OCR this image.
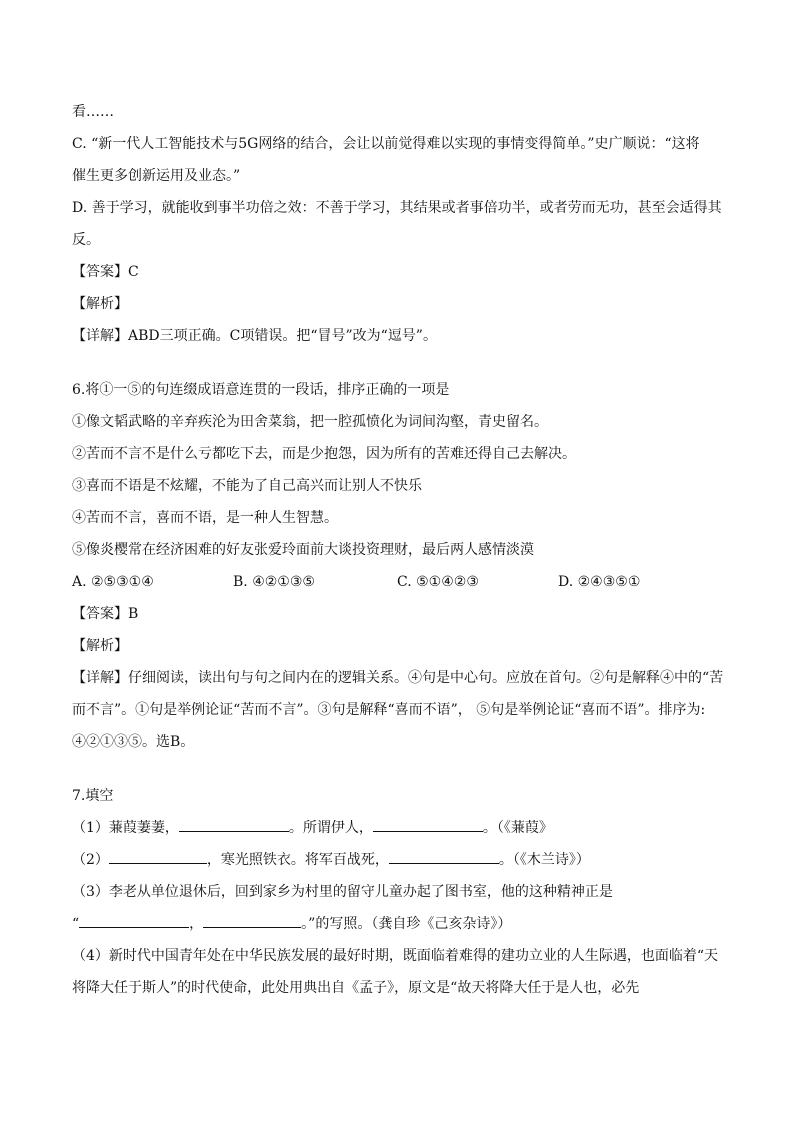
看……
C. “新一代人工智能技术与5G网络的结合，会让以前觉得难以实现的事情变得简单。”史广顺说：“这将
催生更多创新运用及业态。”
D. 善于学习，就能收到事半功倍之效：不善于学习，其结果或者事倍功半，或者劳而无功，甚至会适得其
反。
【答案】C
【解析】
【详解】ABD三项正确。C项错误。把“冒号”改为“逗号”。
6.将①一⑤的句连缀成语意连贯的一段话，排序正确的一项是
①像文韬武略的辛弃疾沦为田舍菜翁，把一腔孤愤化为词间沟壑，青史留名。
②苦而不言不是什么亏都吃下去，而是少抱怨，因为所有的苦难还得自己去解决。
③喜而不语是不炫耀，不能为了自己高兴而让别人不快乐
④苦而不言，喜而不语，是一种人生智慧。
⑤像炎樱常在经济困难的好友张爱玲面前大谈投资理财，最后两人感情淡漠
A. ②⑤③①④	B. ④②①③⑤	C. ⑤①④②③	D. ②④③⑤①
【答案】B
【解析】
【详解】仔细阅读，读出句与句之间内在的逻辑关系。④句是中心句。应放在首句。②句是解释④中的“苦
而不言”。①句是举例论证“苦而不言”。③句是解释“喜而不语”， ⑤句是举例论证“喜而不语”。排序为:
④②①③⑤。选B。
7.填空
（1）蒹葭萋萋，	。所谓伊人，	。（《蒹葭》
（2）	，寒光照铁衣。将军百战死，	。（《木兰诗》）
（3）李老从单位退休后，回到家乡为村里的留守儿童办起了图书室，他的这种精神正是
“	，	。”的写照。（龚自珍《己亥杂诗》）
（4）新时代中国青年处在中华民族发展的最好时期，既面临着难得的建功立业的人生际遇，也面临着“天
将降大任于斯人”的时代使命，此处用典出自《孟子》，原文是“故天将降大任于是人也，必先
